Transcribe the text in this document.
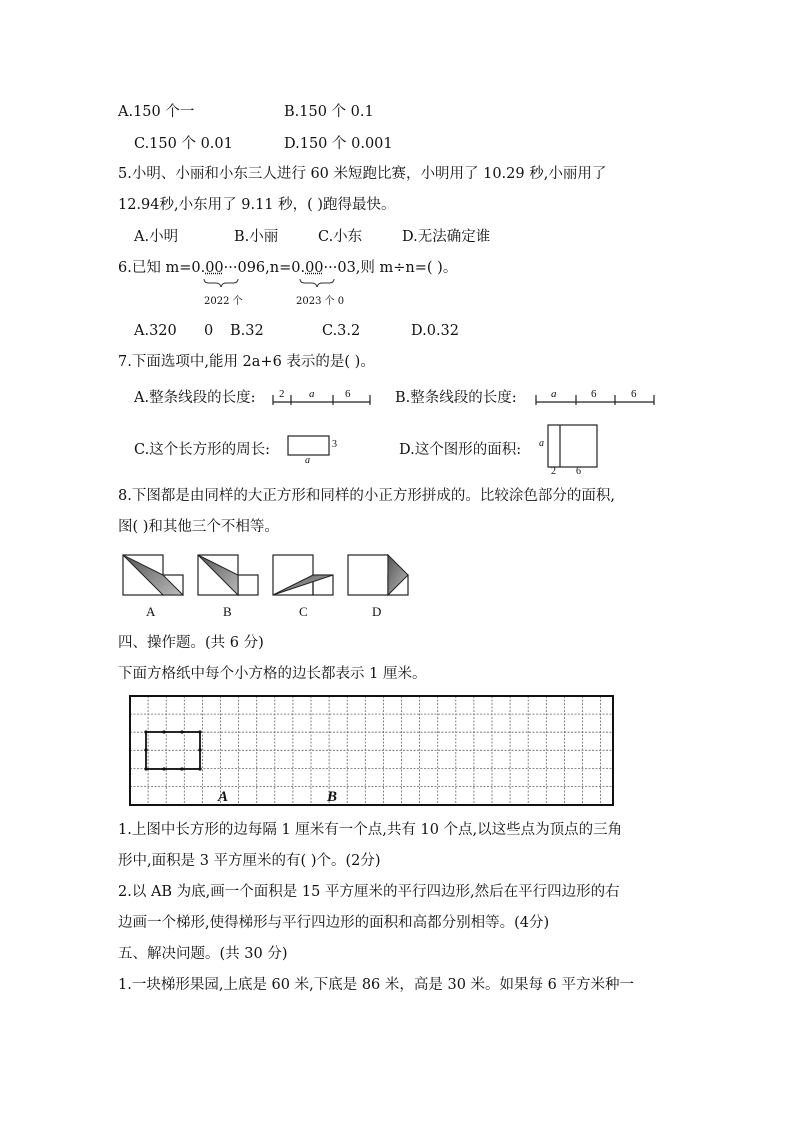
A.150 个一	B.150 个 0.1
C.150 个 0.01	D.150 个 0.001
5.小明、小丽和小东三人进行 60 米短跑比赛，小明用了 10.29 秒,小丽用了
12.94秒,小东用了 9.11 秒，( )跑得最快。
A.小明	B.小丽	C.小东	D.无法确定谁
6.已知 m=0.00···096,n=0.00···03,则 m÷n=( )。
2022 个	2023 个 0
A.320 0 B.32	C.3.2	D.0.32
7.下面选项中,能用 2a+6 表示的是( )。
A.整条线段的长度: 2 a	6	B.整条线段的长度:	a	6	6
C.这个长方形的周长:
a
3	D.这个图形的面积: a
2 6
8.下图都是由同样的大正方形和同样的小正方形拼成的。比较涂色部分的面积,
图( )和其他三个不相等。
A	B	C	D
四、操作题。(共 6 分)
下面方格纸中每个小方格的边长都表示 1 厘米。
A	B
1.上图中长方形的边每隔 1 厘米有一个点,共有 10 个点,以这些点为顶点的三角
形中,面积是 3 平方厘米的有( )个。(2分)
2.以 AB 为底,画一个面积是 15 平方厘米的平行四边形,然后在平行四边形的右
边画一个梯形,使得梯形与平行四边形的面积和高都分别相等。(4分)
五、解决问题。(共 30 分)
1.一块梯形果园,上底是 60 米,下底是 86 米，高是 30 米。如果每 6 平方米种一
